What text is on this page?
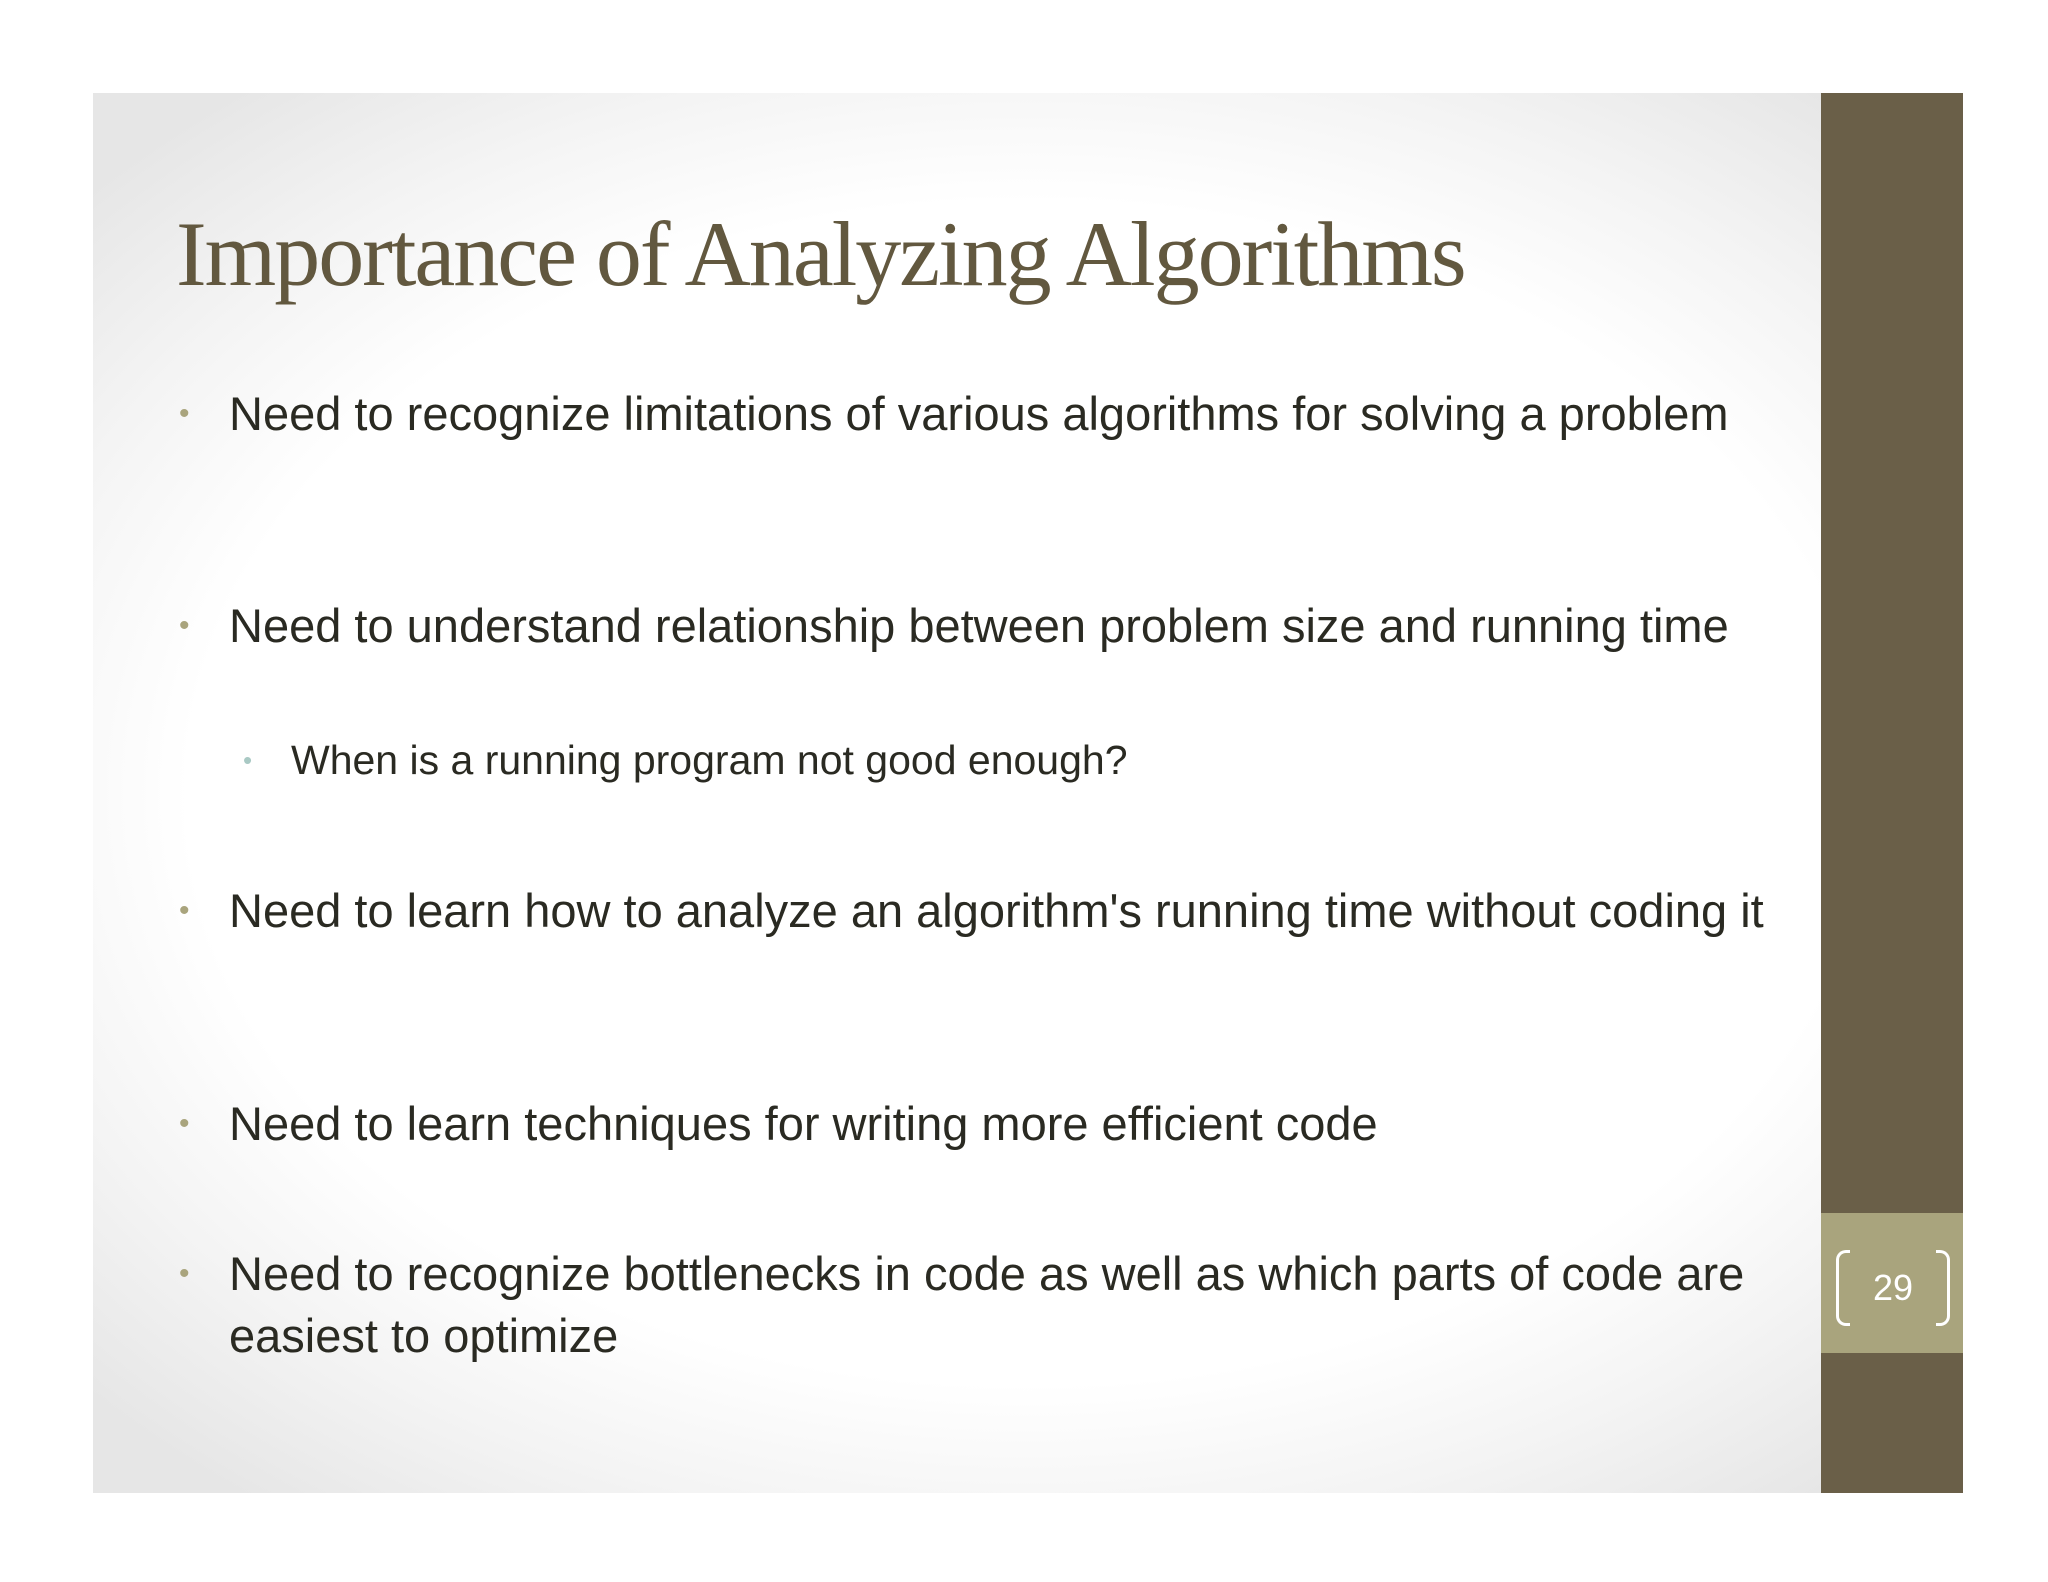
29
Importance of Analyzing Algorithms
• Need to recognize limitations of various algorithms for solving a problem
• Need to understand relationship between problem size and running time
• When is a running program not good enough?
• Need to learn how to analyze an algorithm's running time without coding it
• Need to learn techniques for writing more efficient code
• Need to recognize bottlenecks in code as well as which parts of code are easiest to optimize
